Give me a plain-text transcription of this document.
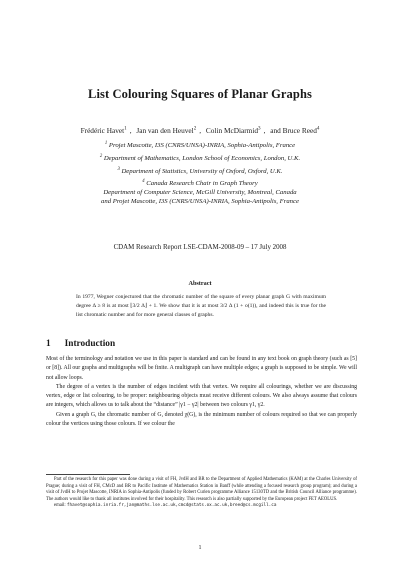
List Colouring Squares of Planar Graphs
Frédéric Havet$^1$ , Jan van den Heuvel$^2$ , Colin McDiarmid$^3$ , and Bruce Reed$^4$
$^1$ Projet Mascotte, I3S (CNRS/UNSA)-INRIA, Sophia-Antipolis, France
$^2$ Department of Mathematics, London School of Economics, London, U.K.
$^3$ Department of Statistics, University of Oxford, Oxford, U.K.
$^4$ Canada Research Chair in Graph Theory
Department of Computer Science, McGill University, Montreal, Canada
and Projet Mascotte, I3S (CNRS/UNSA)-INRIA, Sophia-Antipolis, France
CDAM Research Report LSE-CDAM-2008-09 – 17 July 2008
Abstract
In 1977, Wegner conjectured that the chromatic number of the square of every planar graph G with maximum degree Δ ≥ 8 is at most ⌊3/2 Δ⌋ + 1. We show that it is at most 3/2 Δ (1 + o(1)), and indeed this is true for the list chromatic number and for more general classes of graphs.
1 Introduction

Most of the terminology and notation we use in this paper is standard and can be found in any text book on graph theory (such as [5] or [8]). All our graphs and multigraphs will be finite. A multigraph can have multiple edges; a graph is supposed to be simple. We will not allow loops.

The degree of a vertex is the number of edges incident with that vertex. We require all colourings, whether we are discussing vertex, edge or list colouring, to be proper: neighbouring objects must receive different colours. We also always assume that colours are integers, which allows us to talk about the “distance” |γ1 − γ2| between two colours γ1, γ2.

Given a graph G, the chromatic number of G, denoted χ(G), is the minimum number of colours required so that we can properly colour the vertices using those colours. If we colour the

Part of the research for this paper was done during a visit of FH, JvdH and BR to the Department of Applied Mathematics (KAM) at the Charles University of Prague; during a visit of FH, CMcD and BR to Pacific Institute of Mathematics Station in Banff (while attending a focused research group program); and during a visit of JvdH to Projet Mascotte, INRIA in Sophia-Antipolis (funded by Robert Curien programme Alliance 15130TD and the British Council Alliance programme). The authors would like to thank all institutes involved for their hospitality. This research is also partially supported by the European project FET AEOLUS.

email: fhavet@sophia.inria.fr,jan@maths.lse.ac.uk,cmcd@stats.ox.ac.uk,breed@cs.mcgill.ca

1
